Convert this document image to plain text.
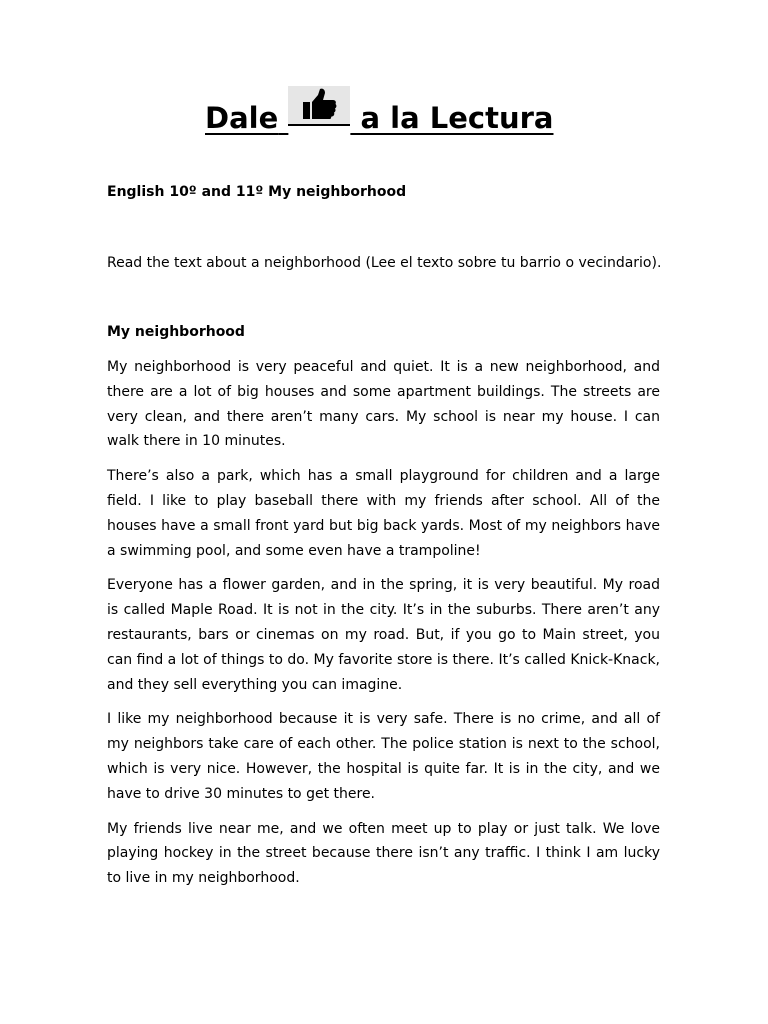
Dale

	a la Lectura
English 10º and 11º My neighborhood
Read the text about a neighborhood (Lee el texto sobre tu barrio o vecindario).
My neighborhood

My neighborhood is very peaceful and quiet. It is a new neighborhood, and there are a lot of big houses and some apartment buildings. The streets are very clean, and there aren’t many cars. My school is near my house. I can walk there in 10 minutes.

There’s also a park, which has a small playground for children and a large field. I like to play baseball there with my friends after school. All of the houses have a small front yard but big back yards. Most of my neighbors have a swimming pool, and some even have a trampoline!

Everyone has a flower garden, and in the spring, it is very beautiful. My road is called Maple Road. It is not in the city. It’s in the suburbs. There aren’t any restaurants, bars or cinemas on my road. But, if you go to Main street, you can find a lot of things to do. My favorite store is there. It’s called Knick-Knack, and they sell everything you can imagine.

I like my neighborhood because it is very safe. There is no crime, and all of my neighbors take care of each other. The police station is next to the school, which is very nice. However, the hospital is quite far. It is in the city, and we have to drive 30 minutes to get there.

My friends live near me, and we often meet up to play or just talk. We love playing hockey in the street because there isn’t any traffic. I think I am lucky to live in my neighborhood.
